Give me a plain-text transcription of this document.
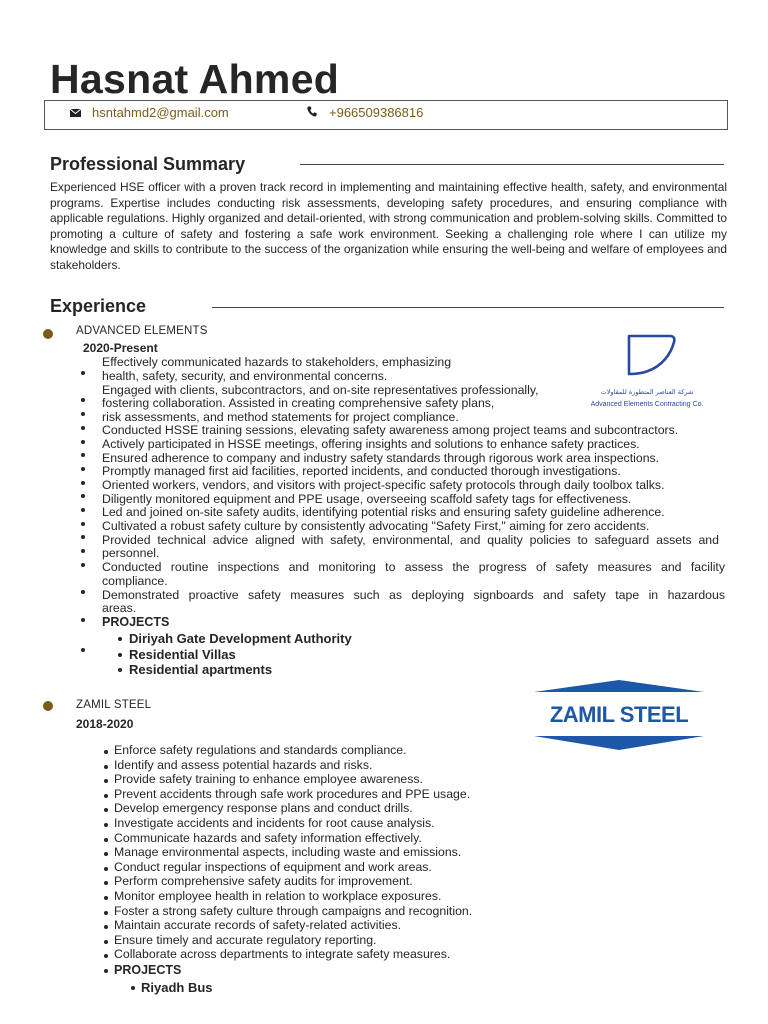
Hasnat Ahmed
hsntahmd2@gmail.com	+966509386816
Professional Summary
Experienced HSE officer with a proven track record in implementing and maintaining effective health, safety, and environmental programs. Expertise includes conducting risk assessments, developing safety procedures, and ensuring compliance with applicable regulations. Highly organized and detail-oriented, with strong communication and problem-solving skills. Committed to promoting a culture of safety and fostering a safe work environment. Seeking a challenging role where I can utilize my knowledge and skills to contribute to the success of the organization while ensuring the well-being and welfare of employees and stakeholders.
Experience
ADVANCED ELEMENTS
2020-Present
شركة العناصر المتطورة للمقاولات
Advanced Elements Contracting Co.
Effectively communicated hazards to stakeholders, emphasizing
health, safety, security, and environmental concerns.
Engaged with clients, subcontractors, and on-site representatives professionally,
fostering collaboration. Assisted in creating comprehensive safety plans,
risk assessments, and method statements for project compliance.
Conducted HSSE training sessions, elevating safety awareness among project teams and subcontractors.
Actively participated in HSSE meetings, offering insights and solutions to enhance safety practices.
Ensured adherence to company and industry safety standards through rigorous work area inspections.
Promptly managed first aid facilities, reported incidents, and conducted thorough investigations.
Oriented workers, vendors, and visitors with project-specific safety protocols through daily toolbox talks.
Diligently monitored equipment and PPE usage, overseeing scaffold safety tags for effectiveness.
Led and joined on-site safety audits, identifying potential risks and ensuring safety guideline adherence.
Cultivated a robust safety culture by consistently advocating "Safety First," aiming for zero accidents.
Provided technical advice aligned with safety, environmental, and quality policies to safeguard assets and
personnel.
Conducted routine inspections and monitoring to assess the progress of safety measures and facility
compliance.
Demonstrated proactive safety measures such as deploying signboards and safety tape in hazardous
areas.
PROJECTS
Diriyah Gate Development Authority
Residential Villas
Residential apartments
ZAMIL STEEL
2018-2020	ZAMIL STEEL
Enforce safety regulations and standards compliance.
Identify and assess potential hazards and risks.
Provide safety training to enhance employee awareness.
Prevent accidents through safe work procedures and PPE usage.
Develop emergency response plans and conduct drills.
Investigate accidents and incidents for root cause analysis.
Communicate hazards and safety information effectively.
Manage environmental aspects, including waste and emissions.
Conduct regular inspections of equipment and work areas.
Perform comprehensive safety audits for improvement.
Monitor employee health in relation to workplace exposures.
Foster a strong safety culture through campaigns and recognition.
Maintain accurate records of safety-related activities.
Ensure timely and accurate regulatory reporting.
Collaborate across departments to integrate safety measures.
PROJECTS
Riyadh Bus
